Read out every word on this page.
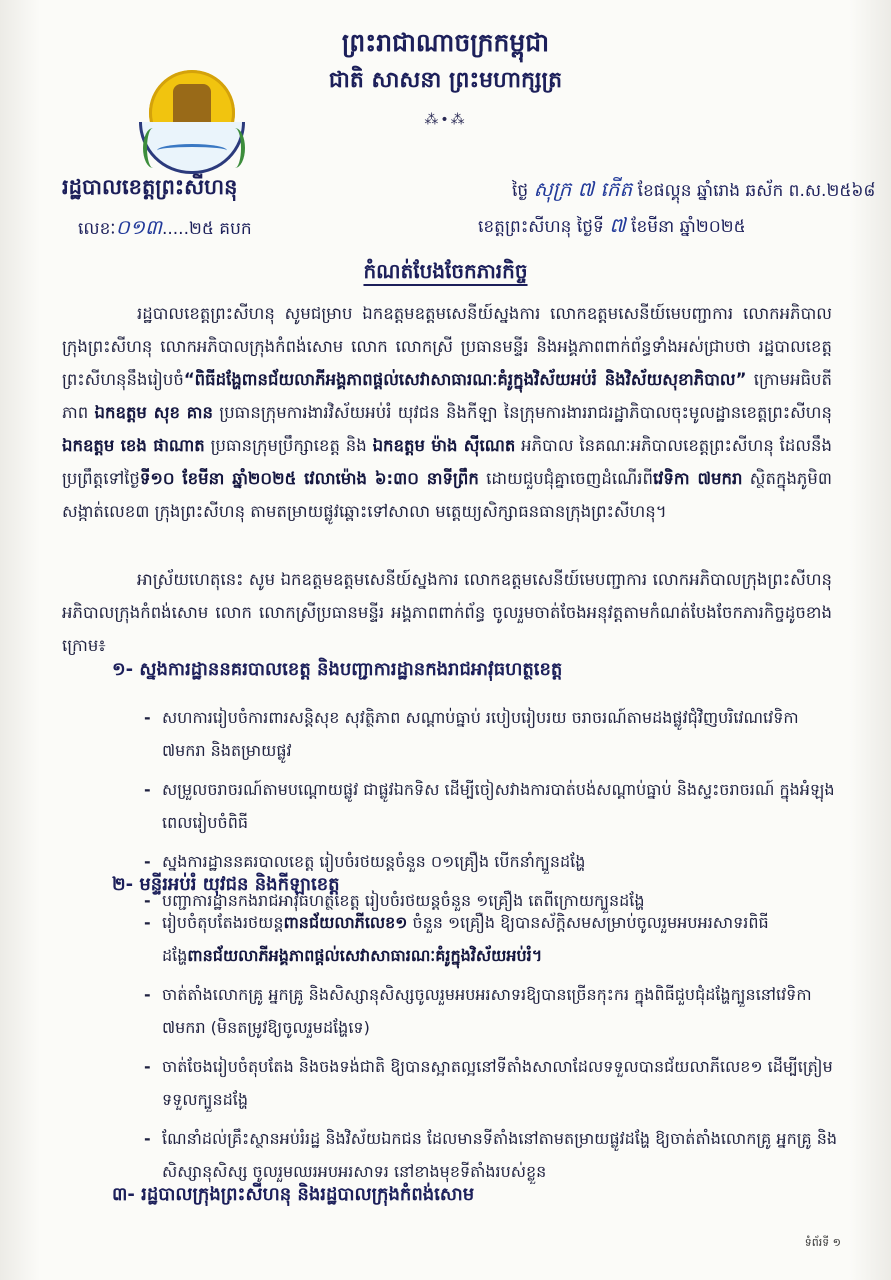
ព្រះរាជាណាចក្រកម្ពុជា
ជាតិ សាសនា ព្រះមហាក្សត្រ
⁂•⁂
រដ្ឋបាលខេត្តព្រះសីហនុ
លេខៈ០១៣.....២៥ គបក
ថ្ងៃ សុក្រ ៧ កើត ខែផល្គុន ឆ្នាំរោង ឆស័ក ព.ស.២៥៦៨
ខេត្តព្រះសីហនុ ថ្ងៃទី ៧ ខែមីនា ឆ្នាំ២០២៥
កំណត់បែងចែកភារកិច្ច
រដ្ឋបាលខេត្តព្រះសីហនុ សូមជម្រាប ឯកឧត្តមឧត្តមសេនីយ៍ស្នងការ លោកឧត្តមសេនីយ៍មេបញ្ជាការ លោកអភិបាលក្រុងព្រះសីហនុ លោកអភិបាលក្រុងកំពង់សោម លោក លោកស្រី ប្រធានមន្ទីរ និងអង្គភាពពាក់ព័ន្ធទាំងអស់ជ្រាបថា រដ្ឋបាលខេត្តព្រះសីហនុនឹងរៀបចំ“ពិធីដង្ហែពានជ័យលាភីអង្គភាពផ្តល់សេវាសាធារណៈគំរូក្នុងវិស័យអប់រំ និងវិស័យសុខាភិបាល” ក្រោមអធិបតីភាព ឯកឧត្តម សុខ គាន ប្រធានក្រុមការងារវិស័យអប់រំ យុវជន និងកីឡា នៃក្រុមការងាររាជរដ្ឋាភិបាលចុះមូលដ្ឋានខេត្តព្រះសីហនុ ឯកឧត្តម ខេង ផាណាត ប្រធានក្រុមប្រឹក្សាខេត្ត និង ឯកឧត្តម ម៉ាង ស៊ីណេត អភិបាល នៃគណៈអភិបាលខេត្តព្រះសីហនុ ដែលនឹងប្រព្រឹត្តទៅថ្ងៃទី១០ ខែមីនា ឆ្នាំ២០២៥ វេលាម៉ោង ៦:៣០ នាទីព្រឹក ដោយជួបជុំគ្នាចេញដំណើរពីវេទិកា ៧មករា ស្ថិតក្នុងភូមិ៣ សង្កាត់លេខ៣ ក្រុងព្រះសីហនុ តាមតម្រាយផ្លូវឆ្ពោះទៅសាលា មត្តេយ្យសិក្សាធនធានក្រុងព្រះសីហនុ។
អាស្រ័យហេតុនេះ សូម ឯកឧត្តមឧត្តមសេនីយ៍ស្នងការ លោកឧត្តមសេនីយ៍មេបញ្ជាការ លោកអភិបាលក្រុងព្រះសីហនុ អភិបាលក្រុងកំពង់សោម លោក លោកស្រីប្រធានមន្ទីរ អង្គភាពពាក់ព័ន្ធ ចូលរួមចាត់ចែងអនុវត្តតាមកំណត់បែងចែកភារកិច្ចដូចខាងក្រោម៖
១- ស្នងការដ្ឋាននគរបាលខេត្ត និងបញ្ជាការដ្ឋានកងរាជអាវុធហត្ថខេត្ត
- សហការរៀបចំការពារសន្តិសុខ សុវត្ថិភាព សណ្តាប់ធ្នាប់ របៀបរៀបរយ ចរាចរណ៍តាមដងផ្លូវជុំវិញបរិវេណវេទិកា ៧មករា និងតម្រាយផ្លូវ
- សម្រួលចរាចរណ៍តាមបណ្តោយផ្លូវ ជាផ្លូវឯកទិស ដើម្បីចៀសវាងការបាត់បង់សណ្តាប់ធ្នាប់ និងស្ទះចរាចរណ៍ ក្នុងអំឡុងពេលរៀបចំពិធី
- ស្នងការដ្ឋាននគរបាលខេត្ត រៀបចំរថយន្តចំនួន ០១គ្រឿង បើកនាំក្បួនដង្ហែ
- បញ្ជាការដ្ឋានកងរាជអាវុធហត្ថខេត្ត រៀបចំរថយន្តចំនួន ១គ្រឿង តេពីក្រោយក្បួនដង្ហែ
២- មន្ទីរអប់រំ យុវជន និងកីឡាខេត្ត
- រៀបចំតុបតែងរថយន្តពានជ័យលាភីលេខ១ ចំនួន ១គ្រឿង ឱ្យបានស័ក្តិសមសម្រាប់ចូលរួមអបអរសាទរពិធីដង្ហែពានជ័យលាភីអង្គភាពផ្តល់សេវាសាធារណៈគំរូក្នុងវិស័យអប់រំ។
- ចាត់តាំងលោកគ្រូ អ្នកគ្រូ និងសិស្សានុសិស្សចូលរួមអបអរសាទរឱ្យបានច្រើនកុះករ ក្នុងពិធីជួបជុំដង្ហែក្បួននៅវេទិកា ៧មករា (មិនតម្រូវឱ្យចូលរួមដង្ហែទេ)
- ចាត់ចែងរៀបចំតុបតែង និងចងទង់ជាតិ ឱ្យបានស្អាតល្អនៅទីតាំងសាលាដែលទទួលបានជ័យលាភីលេខ១ ដើម្បីត្រៀមទទួលក្បួនដង្ហែ
- ណែនាំដល់គ្រឹះស្ថានអប់រំរដ្ឋ និងវិស័យឯកជន ដែលមានទីតាំងនៅតាមតម្រាយផ្លូវដង្ហែ ឱ្យចាត់តាំងលោកគ្រូ អ្នកគ្រូ និងសិស្សានុសិស្ស ចូលរួមឈរអបអរសាទរ នៅខាងមុខទីតាំងរបស់ខ្លួន
៣- រដ្ឋបាលក្រុងព្រះសីហនុ និងរដ្ឋបាលក្រុងកំពង់សោម
ទំព័រទី ១
